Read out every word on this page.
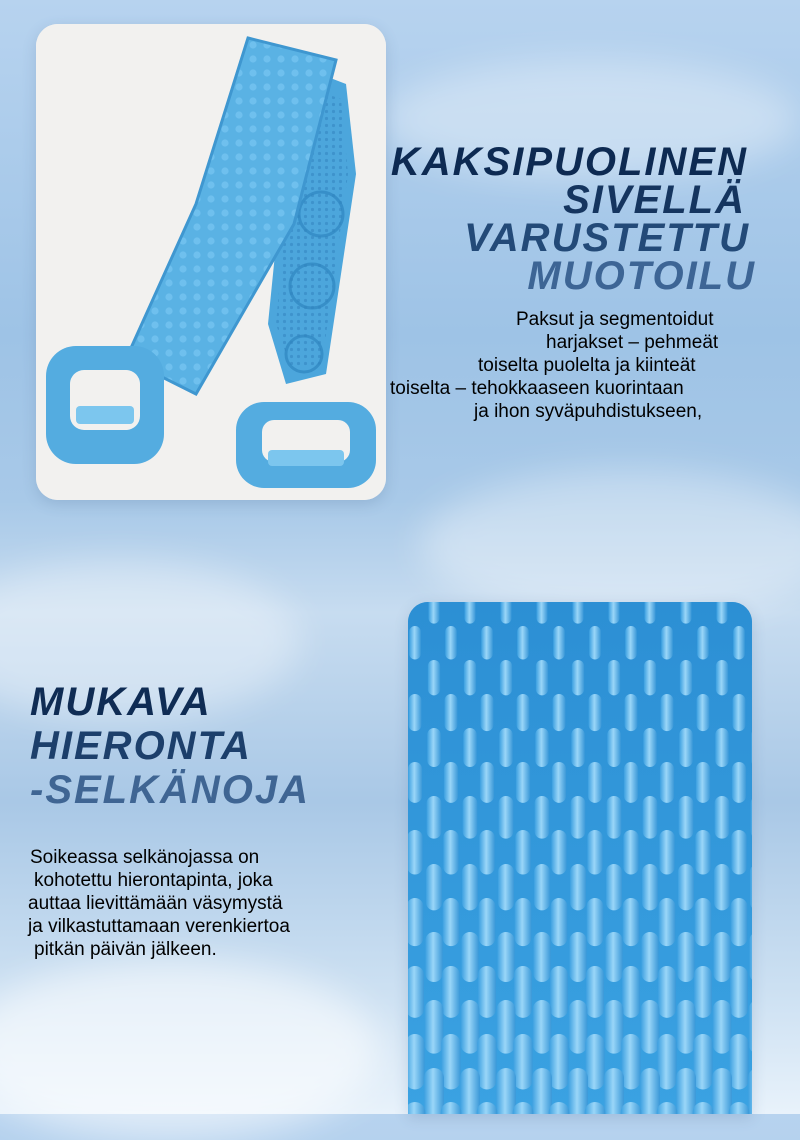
KAKSIPUOLINEN
SIVELLÄ
VARUSTETTU
MUOTOILU

Paksut ja segmentoidut

harjakset – pehmeät

toiselta puolelta ja kiinteät

toiselta – tehokkaaseen kuorintaan

ja ihon syväpuhdistukseen,

MUKAVA
HIERONTA
-SELKÄNOJA

Soikeassa selkänojassa on

kohotettu hierontapinta, joka

auttaa lievittämään väsymystä

ja vilkastuttamaan verenkiertoa

pitkän päivän jälkeen.
